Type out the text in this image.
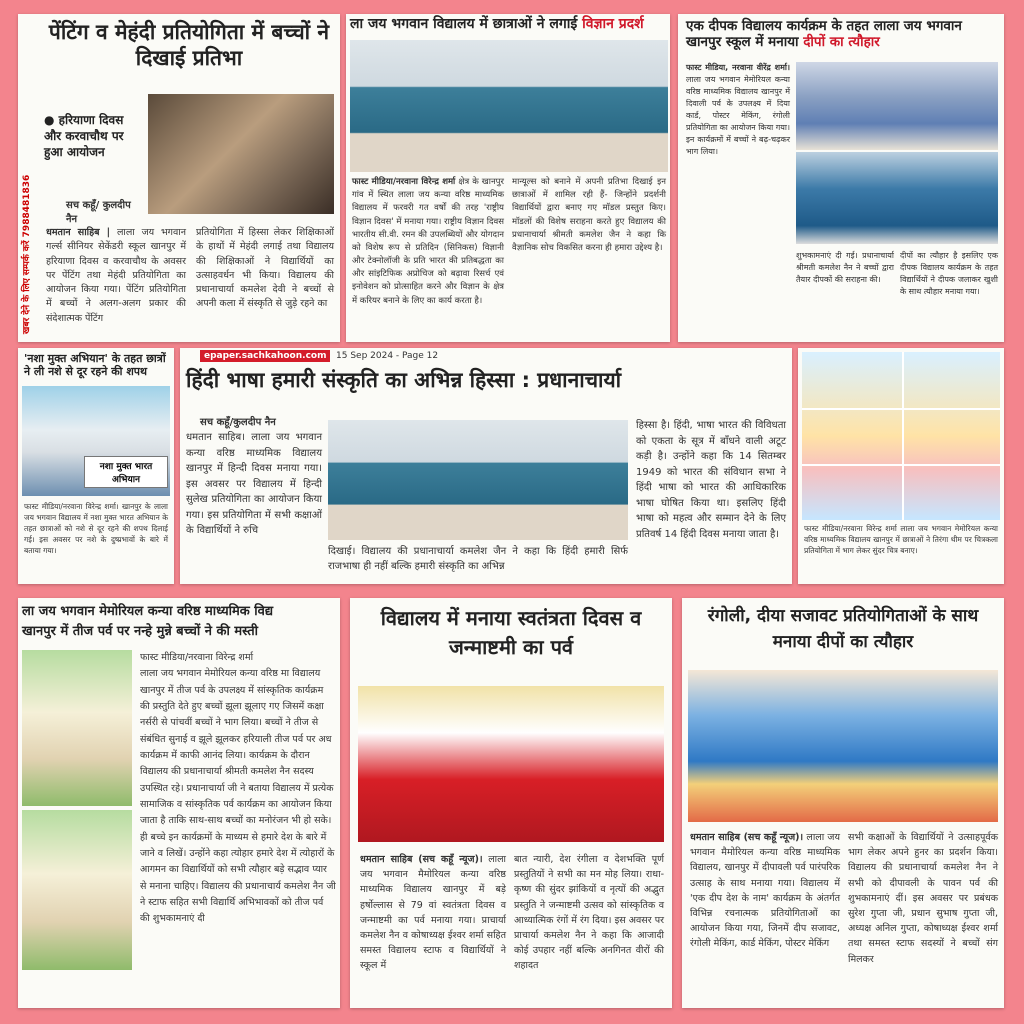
खबर देने के लिए सम्पर्क करें 7988481836
पेंटिंग व मेहंदी प्रतियोगिता में बच्चों ने दिखाई प्रतिभा
● हरियाणा दिवस और करवाचौथ पर हुआ आयोजन
सच कहूँ/ कुलदीप नैन
धमतान साहिब | लाला जय भगवान गर्ल्स सीनियर सेकेंडरी स्कूल खानपुर में हरियाणा दिवस व करवाचौथ के अवसर पर पेंटिंग तथा मेहंदी प्रतियोगिता का आयोजन किया गया। पेंटिंग प्रतियोगिता में बच्चों ने अलग-अलग प्रकार की संदेशात्मक पेंटिंग
प्रतियोगिता में हिस्सा लेकर शिक्षिकाओं के हाथों में मेहंदी लगाई तथा विद्यालय की शिक्षिकाओं ने विद्यार्थियों का उत्साहवर्धन भी किया। विद्यालय की प्रधानाचार्या कमलेश देवी ने बच्चों से अपनी कला में संस्कृति से जुड़े रहने का
ला जय भगवान विद्यालय में छात्राओं ने लगाई विज्ञान प्रदर्श
फास्ट मीडिया/नरवाना विरेन्द्र शर्मा क्षेत्र के खानपुर गांव में स्थित लाला जय कन्या वरिष्ठ माध्यमिक विद्यालय में फरवरी गत वर्षों की तरह 'राष्ट्रीय विज्ञान दिवस' में मनाया गया। राष्ट्रीय विज्ञान दिवस भारतीय सी.वी. रमन की उपलब्धियों और योगदान को विशेष रूप से प्रतिदिन (सिनिकस) विज्ञानी और टेक्नोलॉजी के प्रति भारत की प्रतिबद्धता का और सांइटिफिक अप्रोचिज को बढ़ावा रिसर्च एवं इनोवेशन को प्रोत्साहित करने और विज्ञान के क्षेत्र में करियर बनाने के लिए का कार्य करता है।
मान्यूल्स को बनाने में अपनी प्रतिभा दिखाई इन छात्राओं में शामिल रही हैं- जिन्होंने प्रदर्शनी विद्यार्थियों द्वारा बनाए गए मॉडल प्रस्तुत किए। मॉडलों की विशेष सराहना करते हुए विद्यालय की प्रधानाचार्या श्रीमती कमलेश जैन ने कहा कि वैज्ञानिक सोच विकसित करना ही हमारा उद्देश्य है।
एक दीपक विद्यालय कार्यक्रम के तहत लाला जय भगवान खानपुर स्कूल में मनाया दीपों का त्यौहार
फास्ट मीडिया, नरवाना वीरेंद्र शर्मा। लाला जय भगवान मेमोरियल कन्या वरिष्ठ माध्यमिक विद्यालय खानपुर में दिवाली पर्व के उपलक्ष्य में दिया कार्ड, पोस्टर मेकिंग, रंगोली प्रतियोगिता का आयोजन किया गया। इन कार्यक्रमों में बच्चों ने बढ़-चढ़कर भाग लिया।
शुभकामनाएं दी गई। प्रधानाचार्या श्रीमती कमलेश नैन ने बच्चों द्वारा तैयार दीपकों की सराहना की।
दीपों का त्यौहार है इसलिए एक दीपक विद्यालय कार्यक्रम के तहत विद्यार्थियों ने दीपक जलाकर खुशी के साथ त्यौहार मनाया गया।
'नशा मुक्त अभियान' के तहत छात्रों ने ली नशे से दूर रहने की शपथ
नशा मुक्त भारत अभियान
फास्ट मीडिया/नरवाना विरेन्द्र शर्मा। खानपुर के लाला जय भगवान विद्यालय में नशा मुक्त भारत अभियान के तहत छात्राओं को नशे से दूर रहने की शपथ दिलाई गई। इस अवसर पर नशे के दुष्प्रभावों के बारे में बताया गया।
epaper.sachkahoon.com	15 Sep 2024 - Page 12
हिंदी भाषा हमारी संस्कृति का अभिन्न हिस्सा : प्रधानाचार्या
सच कहूँ/कुलदीप नैन
धमतान साहिब। लाला जय भगवान कन्या वरिष्ठ माध्यमिक विद्यालय खानपुर में हिन्दी दिवस मनाया गया। इस अवसर पर विद्यालय में हिन्दी सुलेख प्रतियोगिता का आयोजन किया गया। इस प्रतियोगिता में सभी कक्षाओं के विद्यार्थियों ने रुचि
दिखाई। विद्यालय की प्रधानाचार्या कमलेश जैन ने कहा कि हिंदी हमारी सिर्फ राजभाषा ही नहीं बल्कि हमारी संस्कृति का अभिन्न
हिस्सा है। हिंदी, भाषा भारत की विविधता को एकता के सूत्र में बाँधने वाली अटूट कड़ी है। उन्होंने कहा कि 14 सितम्बर 1949 को भारत की संविधान सभा ने हिंदी भाषा को भारत की आधिकारिक भाषा घोषित किया था। इसलिए हिंदी भाषा को महत्व और सम्मान देने के लिए प्रतिवर्ष 14 हिंदी दिवस मनाया जाता है।	फास्ट मीडिया/नरवाना विरेन्द्र शर्मा लाला जय भगवान मेमोरियल कन्या वरिष्ठ माध्यमिक विद्यालय खानपुर में छात्राओं ने तिरंगा थीम पर चित्रकला प्रतियोगिता में भाग लेकर सुंदर चित्र बनाए।
ला जय भगवान मेमोरियल कन्या वरिष्ठ माध्यमिक विद्य
खानपुर में तीज पर्व पर नन्हे मुन्ने बच्चों ने की मस्ती
फास्ट मीडिया/नरवाना विरेन्द्र शर्मा
लाला जय भगवान मेमोरियल कन्या वरिष्ठ मा विद्यालय खानपुर में तीज पर्व के उपलक्ष्य में सांस्कृतिक कार्यक्रम की प्रस्तुति देते हुए बच्चों झूला झूलाए गए जिसमें कक्षा नर्सरी से पांचवीं बच्चों ने भाग लिया। बच्चों ने तीज से संबंधित सुनाई व झूले झूलकर हरियाली तीज पर्व पर अध कार्यक्रम में काफी आनंद लिया। कार्यक्रम के दौरान विद्यालय की प्रधानाचार्या श्रीमती कमलेश नैन सदस्य उपस्थित रहे। प्रधानाचार्या जी ने बताया विद्यालय में प्रत्येक सामाजिक व सांस्कृतिक पर्व कार्यक्रम का आयोजन किया जाता है ताकि साथ-साथ बच्चों का मनोरंजन भी हो सके। ही बच्चे इन कार्यक्रमों के माध्यम से हमारे देश के बारे में जाने व लिखें। उन्होंने कहा त्योहार हमारे देश में त्योहारों के आगमन का विद्यार्थियों को सभी त्यौहार बड़े सद्भाव प्यार से मनाना चाहिए। विद्यालय की प्रधानाचार्य कमलेश नैन जी ने स्टाफ सहित सभी विद्यार्थि अभिभावकों को तीज पर्व की शुभकामनाएं दी
विद्यालय में मनाया स्वतंत्रता दिवस व जन्माष्टमी का पर्व
धमतान साहिब (सच कहूँ न्यूज)। लाला जय भगवान मैमोरियल कन्या वरिष्ठ माध्यमिक विद्यालय खानपुर में बड़े हर्षोल्लास से 79 वां स्वतंत्रता दिवस व जन्माष्टमी का पर्व मनाया गया। प्राचार्या कमलेश नैन व कोषाध्यक्ष ईश्वर शर्मा सहित समस्त विद्यालय स्टाफ व विद्यार्थियों ने स्कूल में
बात न्यारी, देश रंगीला व देशभक्ति पूर्ण प्रस्तुतियों ने सभी का मन मोह लिया। राधा-कृष्ण की सुंदर झांकियों व नृत्यों की अद्भुत प्रस्तुति ने जन्माष्टमी उत्सव को सांस्कृतिक व आध्यात्मिक रंगों में रंग दिया। इस अवसर पर प्राचार्या कमलेश नैन ने कहा कि आजादी कोई उपहार नहीं बल्कि अनगिनत वीरों की शहादत
रंगोली, दीया सजावट प्रतियोगिताओं के साथ मनाया दीपों का त्यौहार
धमतान साहिब (सच कहूँ न्यूज)। लाला जय भगवान मैमोरियल कन्या वरिष्ठ माध्यमिक विद्यालय, खानपुर में दीपावली पर्व पारंपरिक उत्साह के साथ मनाया गया। विद्यालय में 'एक दीप देश के नाम' कार्यक्रम के अंतर्गत विभिन्न रचनात्मक प्रतियोगिताओं का आयोजन किया गया, जिनमें दीप सजावट, रंगोली मेकिंग, कार्ड मेकिंग, पोस्टर मेकिंग
सभी कक्षाओं के विद्यार्थियों ने उत्साहपूर्वक भाग लेकर अपने हुनर का प्रदर्शन किया। विद्यालय की प्रधानाचार्या कमलेश नैन ने सभी को दीपावली के पावन पर्व की शुभकामनाएं दीं। इस अवसर पर प्रबंधक सुरेश गुप्ता जी, प्रधान सुभाष गुप्ता जी, अध्यक्ष अनिल गुप्ता, कोषाध्यक्ष ईश्वर शर्मा तथा समस्त स्टाफ सदस्यों ने बच्चों संग मिलकर
